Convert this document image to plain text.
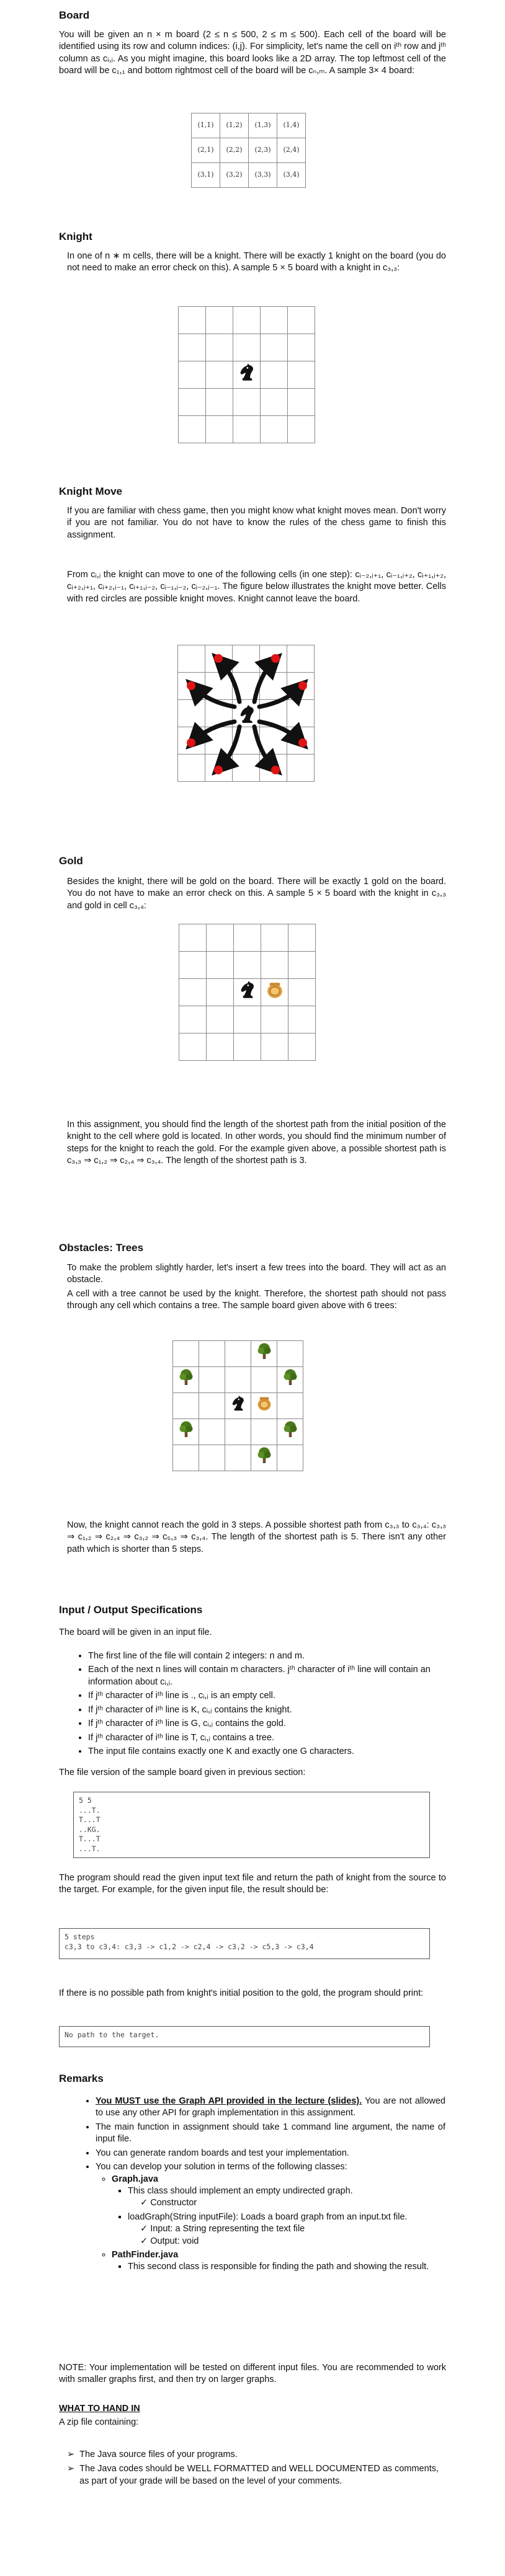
Board

You will be given an n × m board (2 ≤ n ≤ 500, 2 ≤ m ≤ 500). Each cell of the board will be identified using its row and column indices: (i,j). For simplicity, let's name the cell on iᵗʰ row and jᵗʰ column as cᵢ,ⱼ. As you might imagine, this board looks like a 2D array. The top leftmost cell of the board will be c₁,₁ and bottom rightmost cell of the board will be cₙ,ₘ. A sample 3× 4 board:

(1,1)	(1,2)	(1,3)	(1,4)
(2,1)	(2,2)	(2,3)	(2,4)
(3,1)	(3,2)	(3,3)	(3,4)
Knight

In one of n ∗ m cells, there will be a knight. There will be exactly 1 knight on the board (you do not need to make an error check on this). A sample 5 × 5 board with a knight in c₃,₃:

Knight Move

If you are familiar with chess game, then you might know what knight moves mean. Don't worry if you are not familiar. You do not have to know the rules of the chess game to finish this assignment.

From cᵢ,ⱼ the knight can move to one of the following cells (in one step): cᵢ₋₂,ⱼ₊₁, cᵢ₋₁,ⱼ₊₂, cᵢ₊₁,ⱼ₊₂, cᵢ₊₂,ⱼ₊₁, cᵢ₊₂,ⱼ₋₁, cᵢ₊₁,ⱼ₋₂, cᵢ₋₁,ⱼ₋₂, cᵢ₋₂,ⱼ₋₁. The figure below illustrates the knight move better. Cells with red circles are possible knight moves. Knight cannot leave the board.

Gold

Besides the knight, there will be gold on the board. There will be exactly 1 gold on the board. You do not have to make an error check on this. A sample 5 × 5 board with the knight in c₃,₃ and gold in cell c₃,₄:

In this assignment, you should find the length of the shortest path from the initial position of the knight to the cell where gold is located. In other words, you should find the minimum number of steps for the knight to reach the gold. For the example given above, a possible shortest path is c₃,₃ ⇒ c₁,₂ ⇒ c₂,₄ ⇒ c₃,₄. The length of the shortest path is 3.

Obstacles: Trees

To make the problem slightly harder, let's insert a few trees into the board. They will act as an obstacle.

A cell with a tree cannot be used by the knight. Therefore, the shortest path should not pass through any cell which contains a tree. The sample board given above with 6 trees:

Now, the knight cannot reach the gold in 3 steps. A possible shortest path from c₃,₃ to c₃,₄: c₃,₃ ⇒ c₁,₂ ⇒ c₂,₄ ⇒ c₃,₂ ⇒ c₅,₃ ⇒ c₃,₄. The length of the shortest path is 5. There isn't any other path which is shorter than 5 steps.

Input / Output Specifications

The board will be given in an input file.

• The first line of the file will contain 2 integers: n and m.
• Each of the next n lines will contain m characters. jᵗʰ character of iᵗʰ line will contain an information about cᵢ,ⱼ.
• If jᵗʰ character of iᵗʰ line is ., cᵢ,ⱼ is an empty cell.
• If jᵗʰ character of iᵗʰ line is K, cᵢ,ⱼ contains the knight.
• If jᵗʰ character of iᵗʰ line is G, cᵢ,ⱼ contains the gold.
• If jᵗʰ character of iᵗʰ line is T, cᵢ,ⱼ contains a tree.
• The input file contains exactly one K and exactly one G characters.

The file version of the sample board given in previous section:

5 5
...T.
T...T
..KG.
T...T
...T.

The program should read the given input text file and return the path of knight from the source to the target. For example, for the given input file, the result should be:

5 steps
c3,3 to c3,4: c3,3 -> c1,2 -> c2,4 -> c3,2 -> c5,3 -> c3,4

If there is no possible path from knight's initial position to the gold, the program should print:

No path to the target.
Remarks
• You MUST use the Graph API provided in the lecture (slides). You are not allowed to use any other API for graph implementation in this assignment.
• The main function in assignment should take 1 command line argument, the name of input file.
• You can generate random boards and test your implementation.
• You can develop your solution in terms of the following classes:
◦ Graph.java
▪ This class should implement an empty undirected graph.
✓ Constructor
▪ loadGraph(String inputFile): Loads a board graph from an input.txt file.
✓ Input: a String representing the text file
✓ Output: void
◦ PathFinder.java
▪ This second class is responsible for finding the path and showing the result.

NOTE: Your implementation will be tested on different input files. You are recommended to work with smaller graphs first, and then try on larger graphs.

WHAT TO HAND IN

A zip file containing:

➢ The Java source files of your programs.
➢ The Java codes should be WELL FORMATTED and WELL DOCUMENTED as comments, as part of your grade will be based on the level of your comments.
